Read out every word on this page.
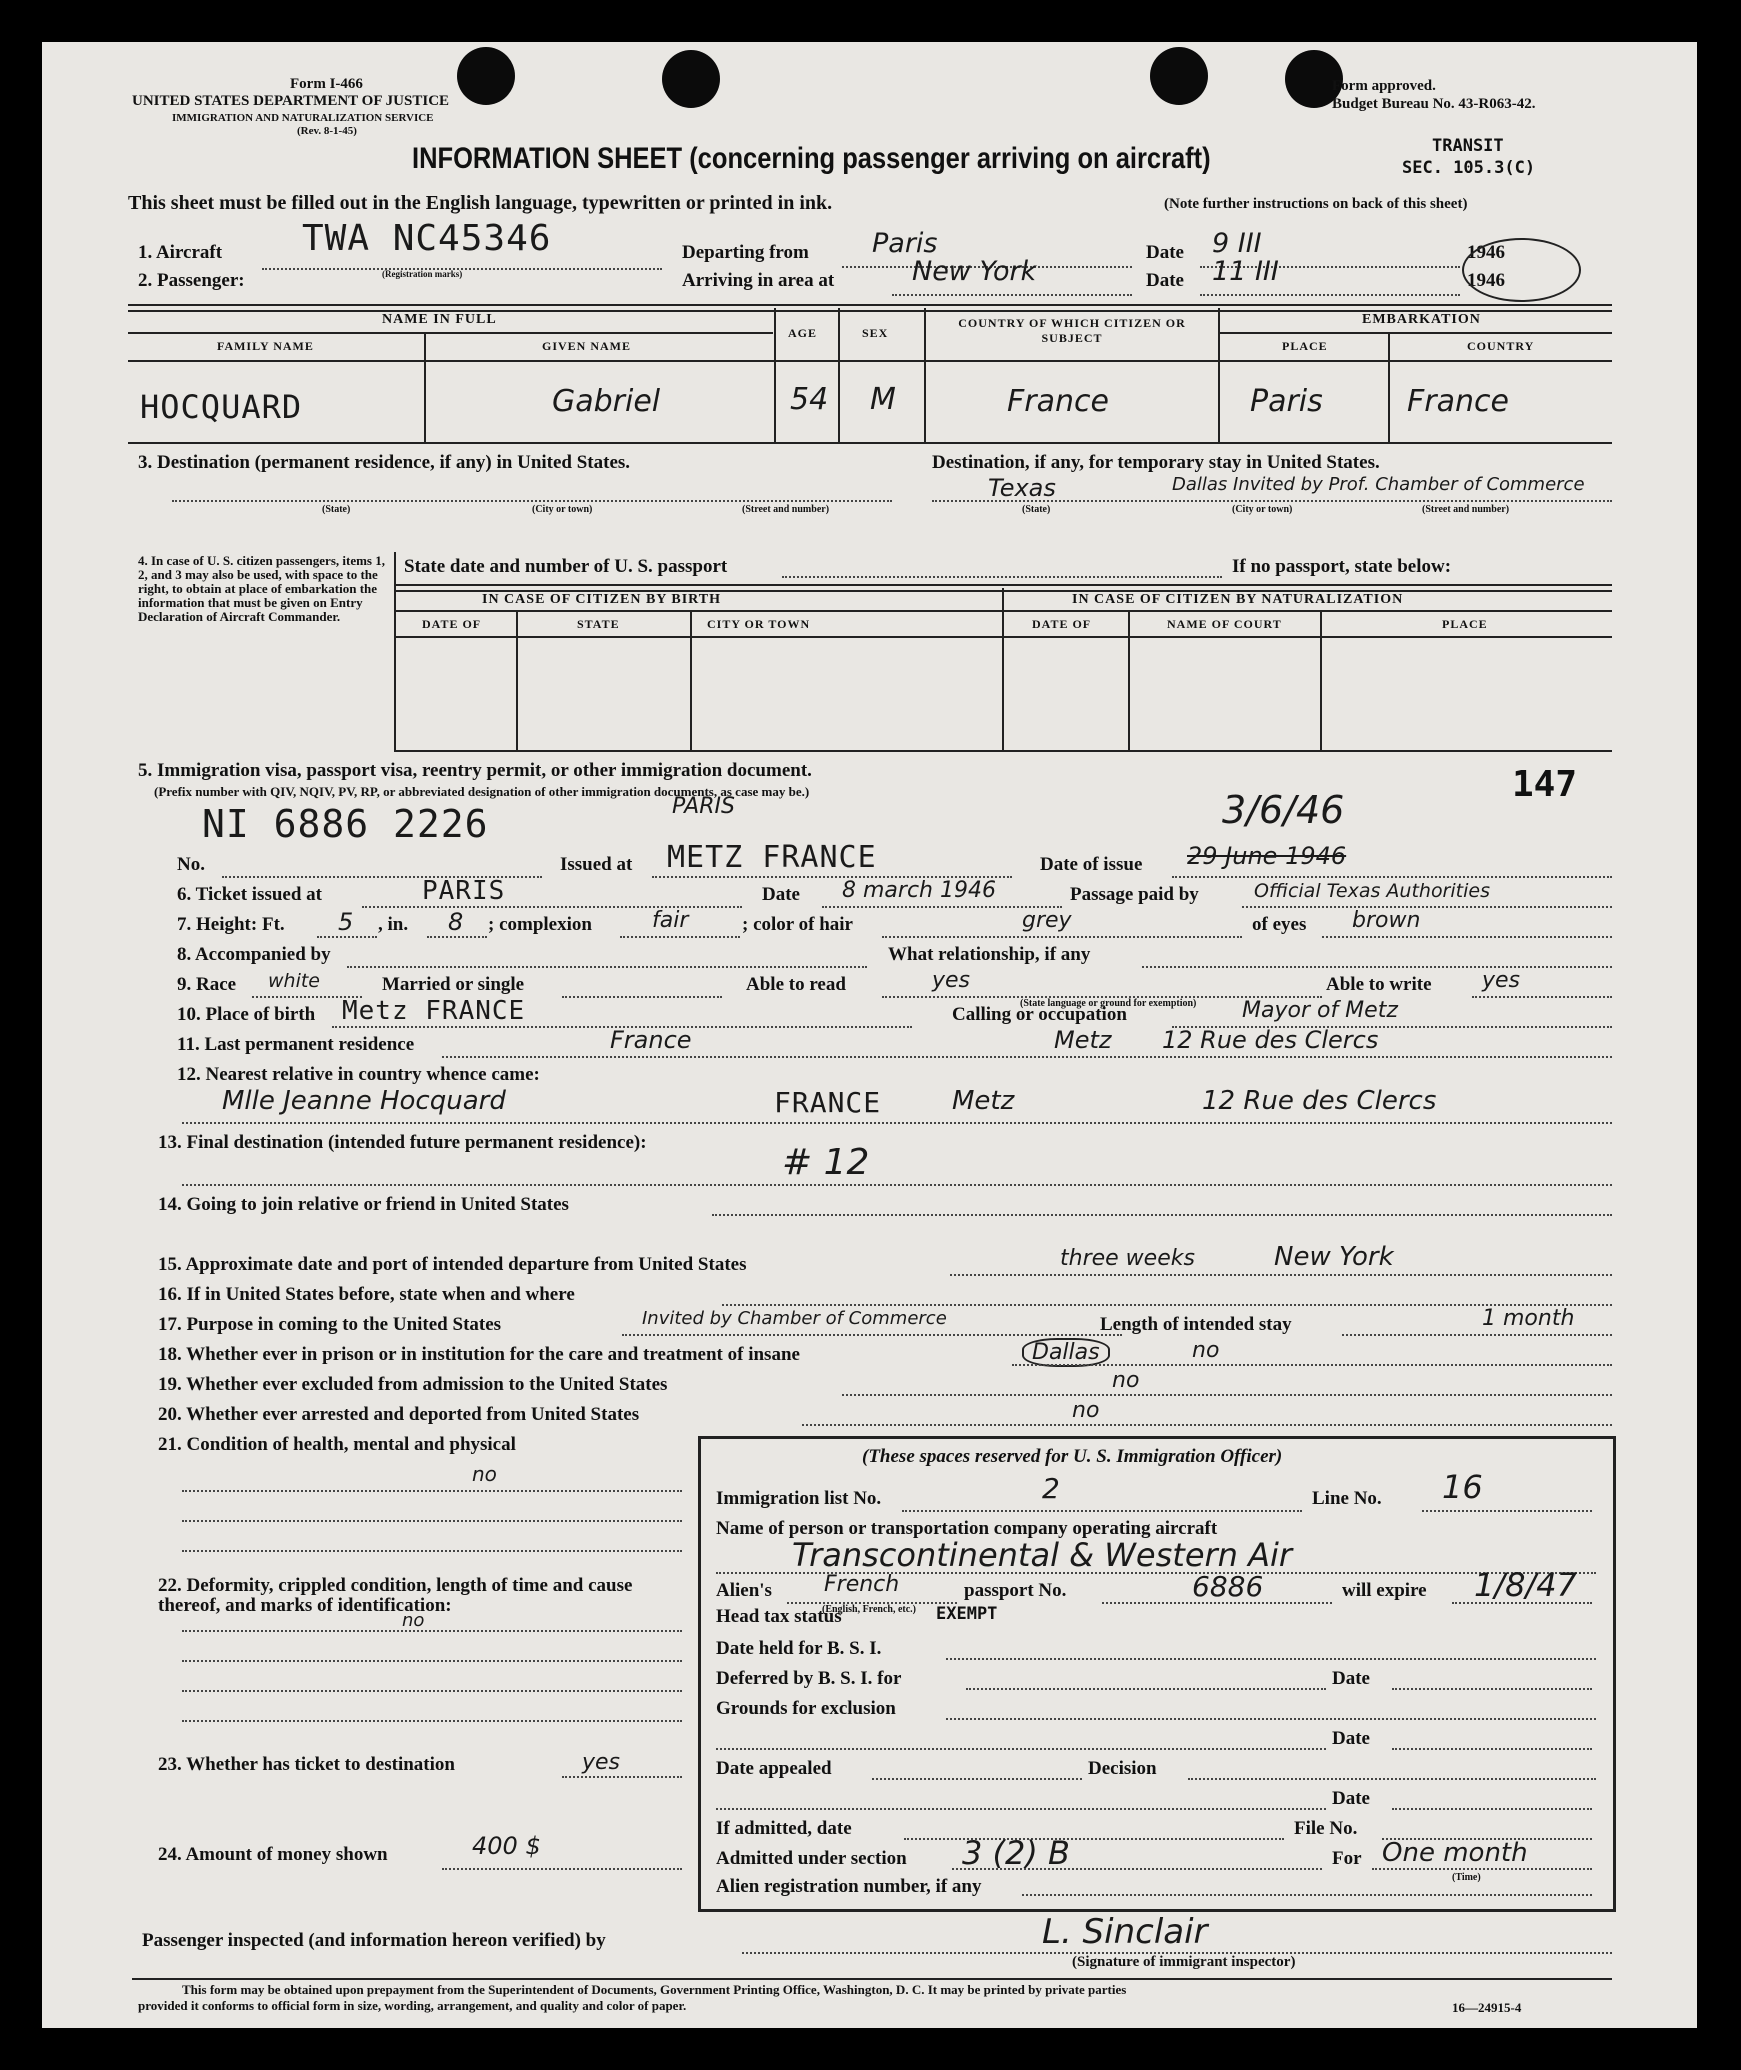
Form I-466
UNITED STATES DEPARTMENT OF JUSTICE
IMMIGRATION AND NATURALIZATION SERVICE
(Rev. 8-1-45)
Form approved.
Budget Bureau No. 43-R063-42.
INFORMATION SHEET (concerning passenger arriving on aircraft)	TRANSIT
SEC. 105.3(C)
This sheet must be filled out in the English language, typewritten or printed in ink.	(Note further instructions on back of this sheet)
1. Aircraft TWA NC45346
(Registration marks)
Departing from Paris	Date 9 III	1946
2. Passenger:	Arriving in area at	New York	Date 11 III	1946
NAME IN FULL
FAMILY NAME	GIVEN NAME
AGE	SEX
COUNTRY OF WHICH CITIZEN OR SUBJECT
EMBARKATION
PLACE	COUNTRY
HOCQUARD	Gabriel	54 M	France	Paris	France
3. Destination (permanent residence, if any) in United States.	Destination, if any, for temporary stay in United States.
(State)	(City or town)	(Street and number)	(State)	(City or town)	(Street and number)
Texas	Dallas Invited by Prof. Chamber of Commerce
4. In case of U. S. citizen passengers, items 1, 2, and 3 may also be used, with space to the right, to obtain at place of embarkation the information that must be given on Entry Declaration of Aircraft Commander.
State date and number of U. S. passport	If no passport, state below:
IN CASE OF CITIZEN BY BIRTH	IN CASE OF CITIZEN BY NATURALIZATION
DATE OF	STATE	CITY OR TOWN	DATE OF	NAME OF COURT	PLACE
5. Immigration visa, passport visa, reentry permit, or other immigration document.
(Prefix number with QIV, NQIV, PV, RP, or abbreviated designation of other immigration documents, as case may be.)	147
NI 6886 2226	PARIS	3/6/46
No.	Issued at METZ FRANCE	Date of issue 29 June 1946
6. Ticket issued at	PARIS	Date 8 march 1946	Passage paid by	Official Texas Authorities
7. Height: Ft. 5 , in. 8 ; complexion	fair	; color of hair	grey	of eyes brown
8. Accompanied by	What relationship, if any
9. Race white	Married or single	Able to read	yes	Able to write yes
(State language or ground for exemption)
10. Place of birth Metz FRANCE	Calling or occupation	Mayor of Metz
11. Last permanent residence	France	Metz 12 Rue des Clercs
12. Nearest relative in country whence came:
Mlle Jeanne Hocquard	FRANCE	Metz	12 Rue des Clercs
13. Final destination (intended future permanent residence):	# 12
14. Going to join relative or friend in United States
15. Approximate date and port of intended departure from United States	three weeks	New York
16. If in United States before, state when and where
17. Purpose in coming to the United States	Invited by Chamber of Commerce	Length of intended stay	1 month
18. Whether ever in prison or in institution for the care and treatment of insane	Dallas	no
19. Whether ever excluded from admission to the United States	no
20. Whether ever arrested and deported from United States	no
21. Condition of health, mental and physical
no
22. Deformity, crippled condition, length of time and cause thereof, and marks of identification:
no
23. Whether has ticket to destination	yes
24. Amount of money shown	400 $
(These spaces reserved for U. S. Immigration Officer)
Immigration list No.	2	Line No. 16
Name of person or transportation company operating aircraft
Transcontinental & Western Air
Alien's French
(English, French, etc.)
passport No.	6886	will expire 1/8/47
Head tax status	EXEMPT
Date held for B. S. I.
Deferred by B. S. I. for	Date
Grounds for exclusion
Date
Date appealed	Decision
Date
If admitted, date	File No.
Admitted under section 3 (2) B	For One month
(Time)
Alien registration number, if any
Passenger inspected (and information hereon verified) by	L. Sinclair
(Signature of immigrant inspector)
This form may be obtained upon prepayment from the Superintendent of Documents, Government Printing Office, Washington, D. C. It may be printed by private parties
provided it conforms to official form in size, wording, arrangement, and quality and color of paper.	16—24915-4
